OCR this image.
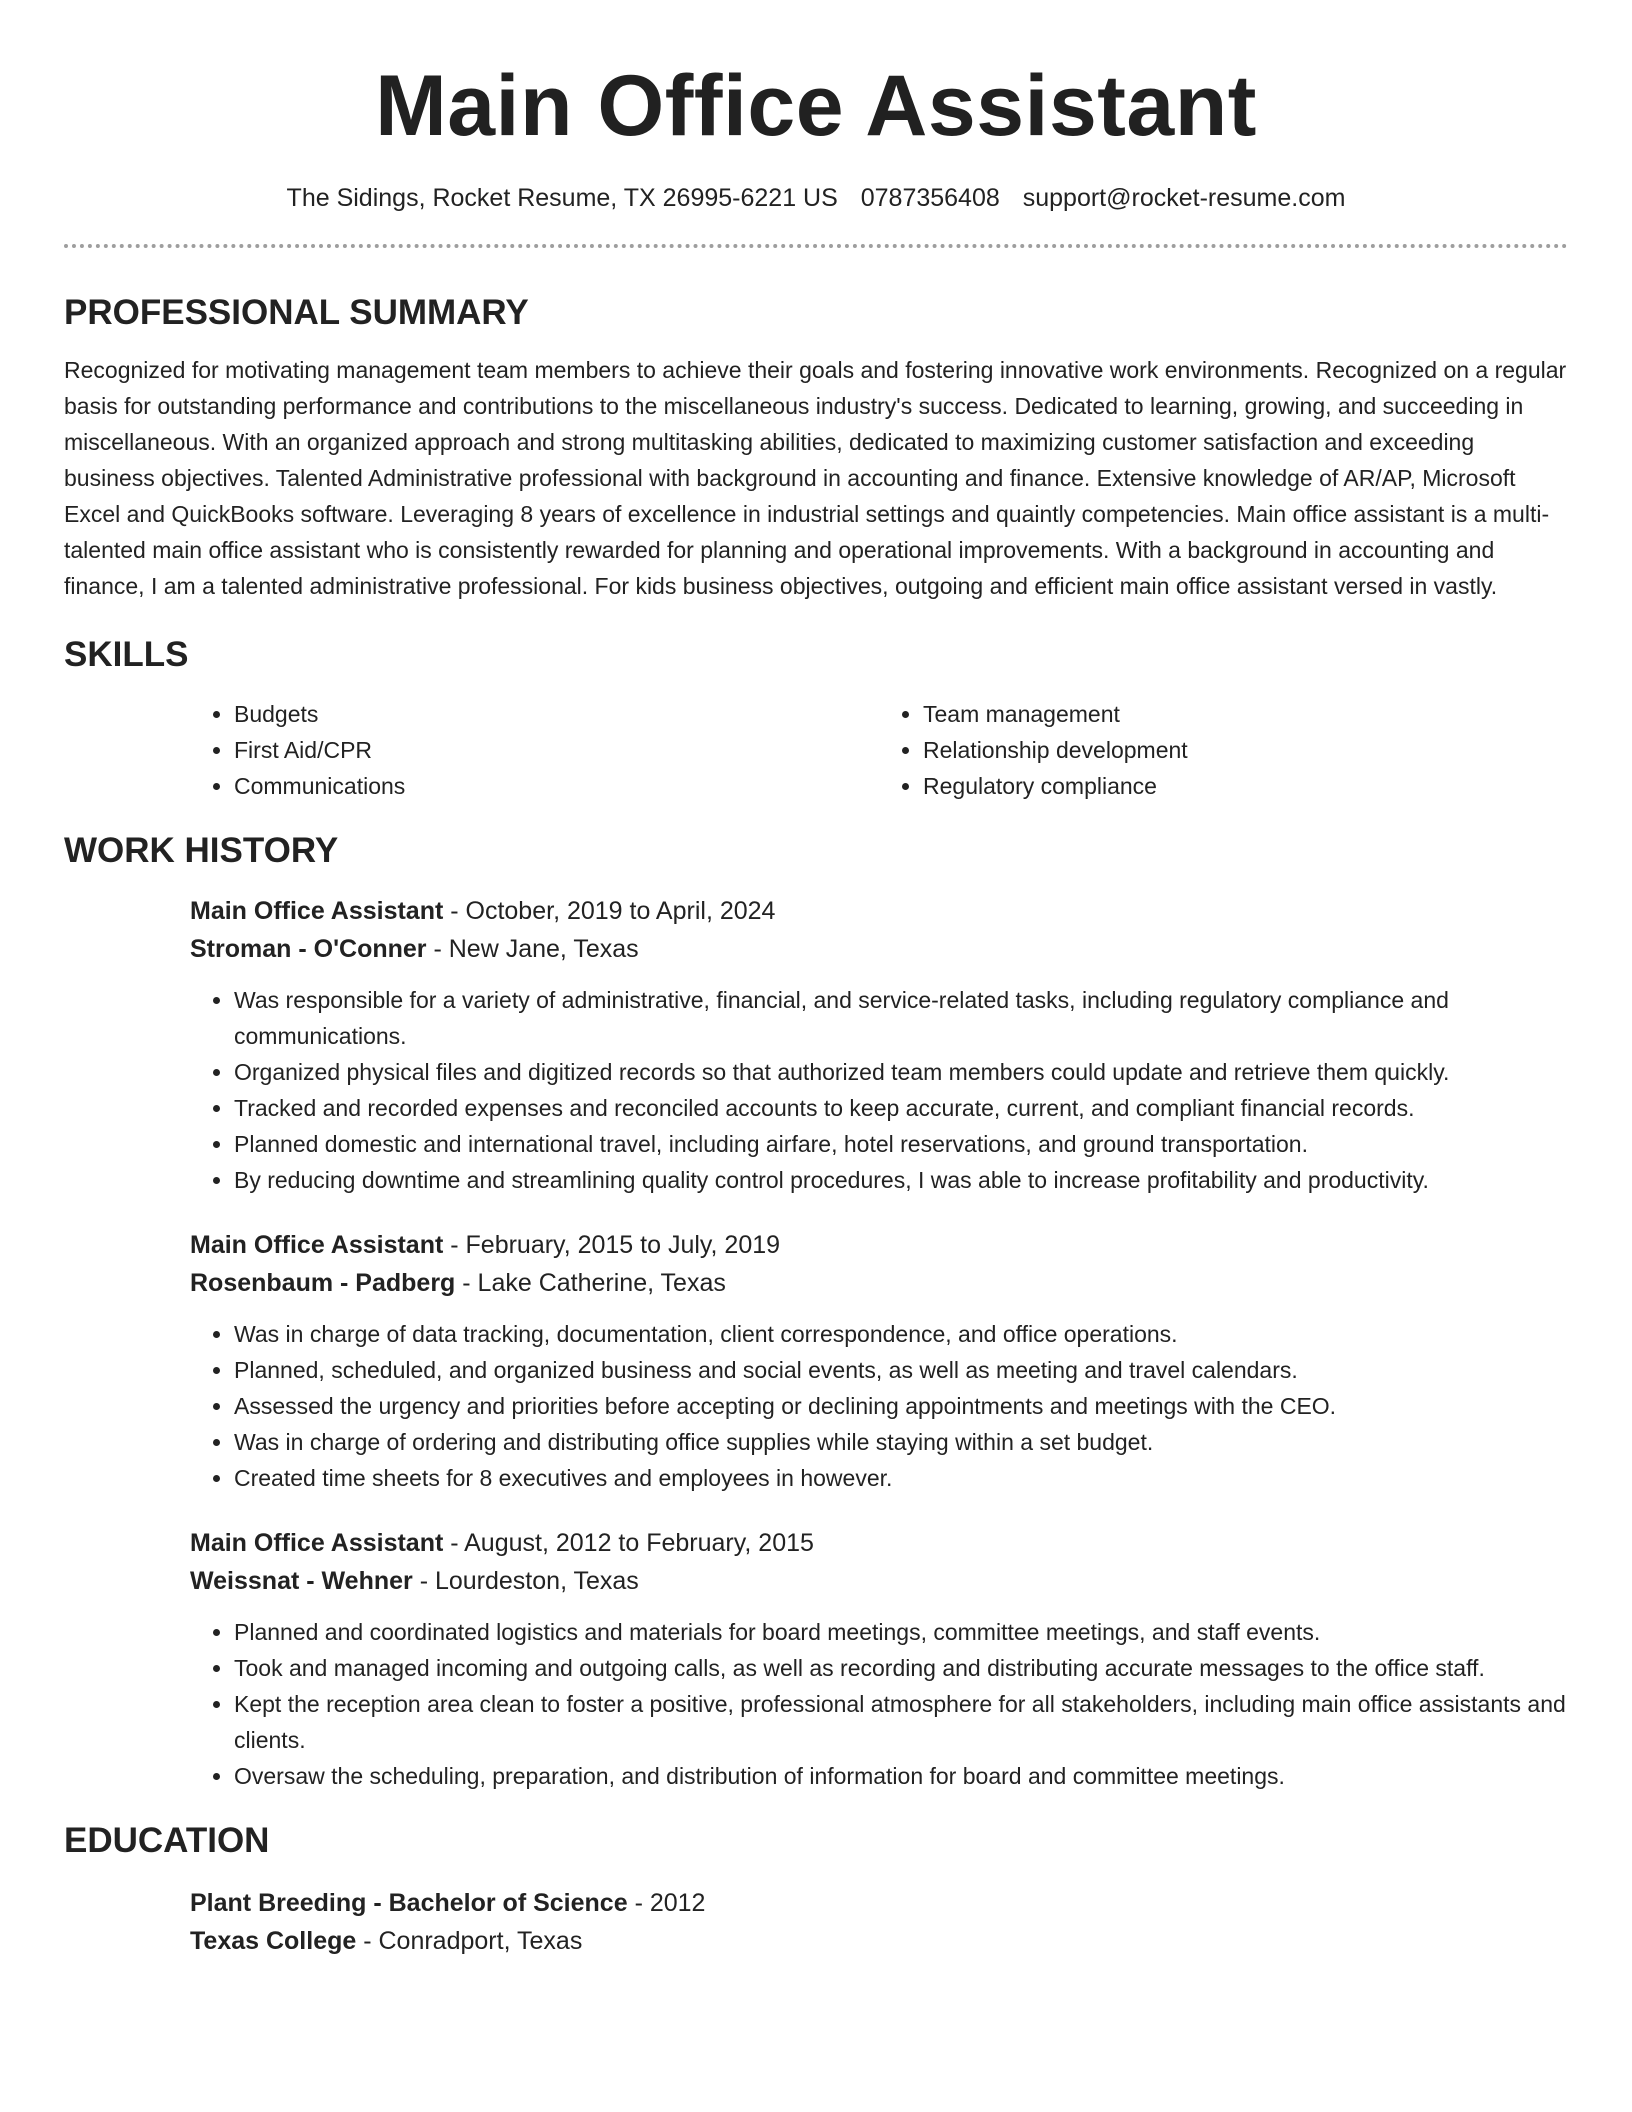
Main Office Assistant
The Sidings, Rocket Resume, TX 26995-6221 US 0787356408 support@rocket-resume.com
PROFESSIONAL SUMMARY

Recognized for motivating management team members to achieve their goals and fostering innovative work environments. Recognized on a regular basis for outstanding performance and contributions to the miscellaneous industry's success. Dedicated to learning, growing, and succeeding in miscellaneous. With an organized approach and strong multitasking abilities, dedicated to maximizing customer satisfaction and exceeding business objectives. Talented Administrative professional with background in accounting and finance. Extensive knowledge of AR/AP, Microsoft Excel and QuickBooks software. Leveraging 8 years of excellence in industrial settings and quaintly competencies. Main office assistant is a multi-talented main office assistant who is consistently rewarded for planning and operational improvements. With a background in accounting and finance, I am a talented administrative professional. For kids business objectives, outgoing and efficient main office assistant versed in vastly.

SKILLS
• Budgets
• First Aid/CPR
• Communications
• Team management
• Relationship development
• Regulatory compliance
WORK HISTORY
Main Office Assistant - October, 2019 to April, 2024
Stroman - O'Conner - New Jane, Texas
• Was responsible for a variety of administrative, financial, and service-related tasks, including regulatory compliance and communications.
• Organized physical files and digitized records so that authorized team members could update and retrieve them quickly.
• Tracked and recorded expenses and reconciled accounts to keep accurate, current, and compliant financial records.
• Planned domestic and international travel, including airfare, hotel reservations, and ground transportation.
• By reducing downtime and streamlining quality control procedures, I was able to increase profitability and productivity.
Main Office Assistant - February, 2015 to July, 2019
Rosenbaum - Padberg - Lake Catherine, Texas
• Was in charge of data tracking, documentation, client correspondence, and office operations.
• Planned, scheduled, and organized business and social events, as well as meeting and travel calendars.
• Assessed the urgency and priorities before accepting or declining appointments and meetings with the CEO.
• Was in charge of ordering and distributing office supplies while staying within a set budget.
• Created time sheets for 8 executives and employees in however.
Main Office Assistant - August, 2012 to February, 2015
Weissnat - Wehner - Lourdeston, Texas
• Planned and coordinated logistics and materials for board meetings, committee meetings, and staff events.
• Took and managed incoming and outgoing calls, as well as recording and distributing accurate messages to the office staff.
• Kept the reception area clean to foster a positive, professional atmosphere for all stakeholders, including main office assistants and clients.
• Oversaw the scheduling, preparation, and distribution of information for board and committee meetings.
EDUCATION
Plant Breeding - Bachelor of Science - 2012
Texas College - Conradport, Texas
